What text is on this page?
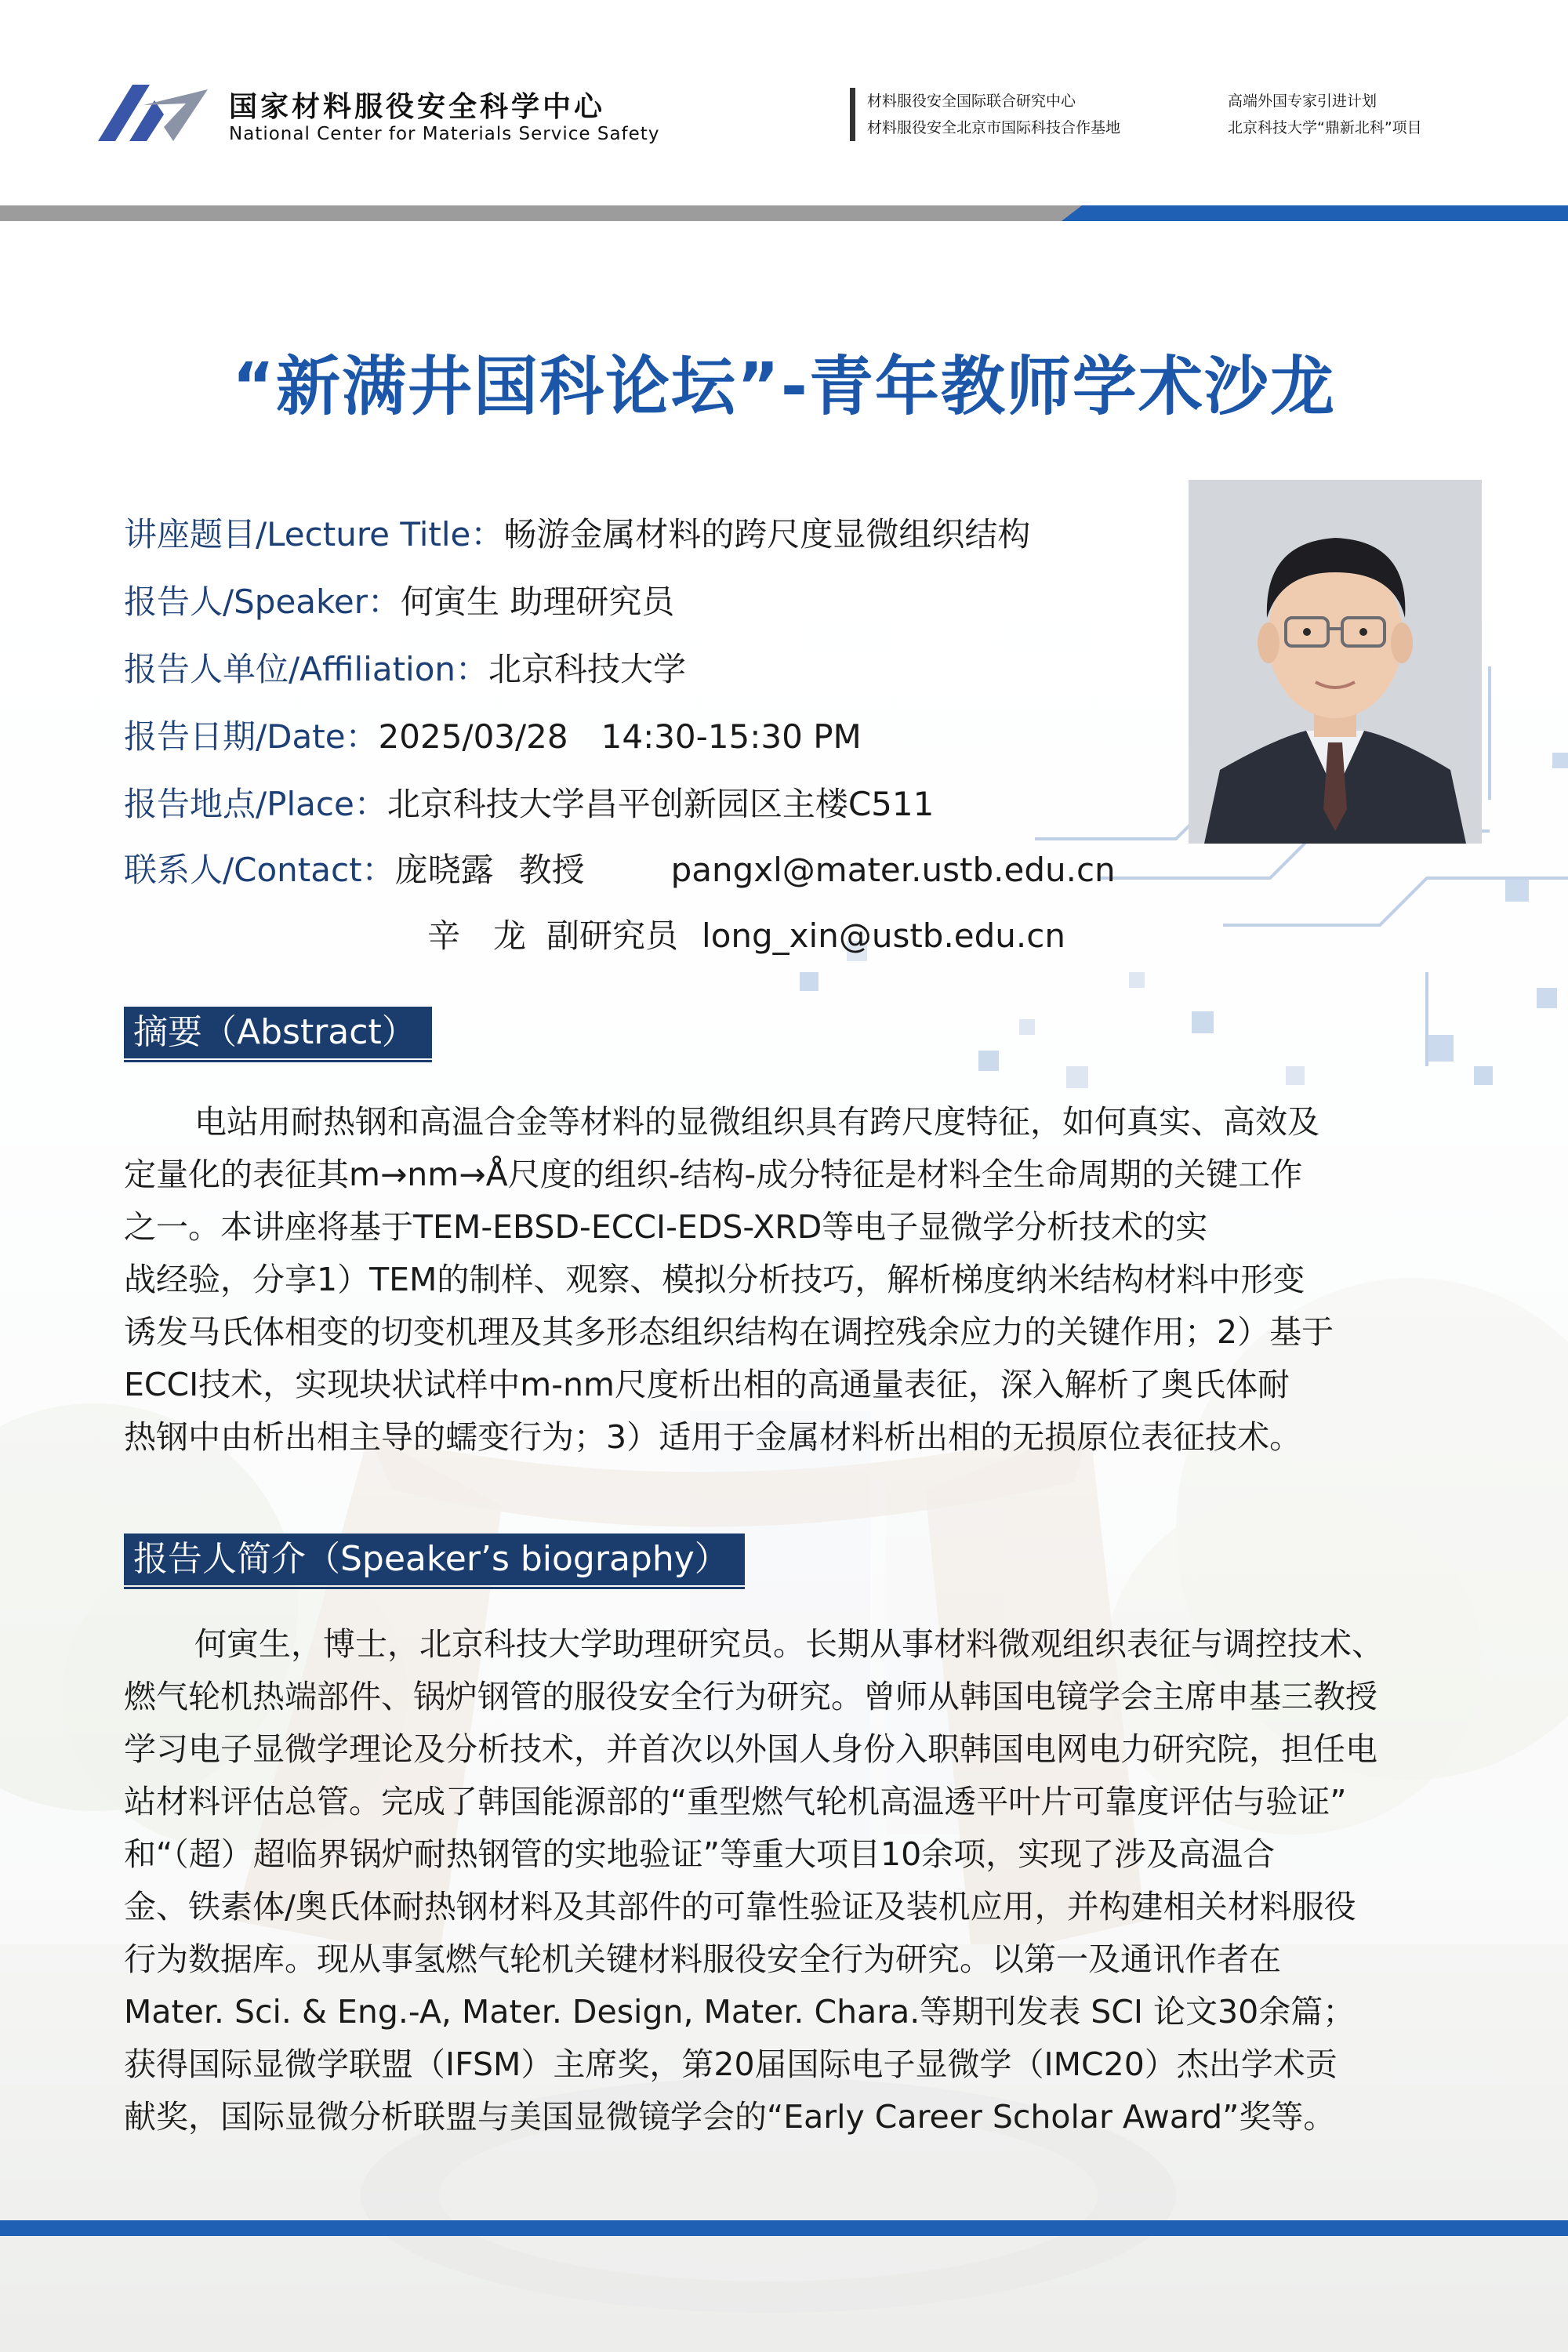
国家材料服役安全科学中心
National Center for Materials Service Safety
材料服役安全国际联合研究中心
材料服役安全北京市国际科技合作基地
高端外国专家引进计划
北京科技大学“鼎新北科”项目
“新满井国科论坛”-青年教师学术沙龙
讲座题目/Lecture Title：畅游金属材料的跨尺度显微组织结构
报告人/Speaker：何寅生 助理研究员
报告人单位/Affiliation：北京科技大学
报告日期/Date：2025/03/28　14:30-15:30 PM
报告地点/Place：北京科技大学昌平创新园区主楼C511
联系人/Contact：庞晓露 教授	pangxl@mater.ustb.edu.cn
辛　龙 副研究员 long_xin@ustb.edu.cn
摘要（Abstract）
电站用耐热钢和高温合金等材料的显微组织具有跨尺度特征，如何真实、高效及
定量化的表征其m→nm→Å尺度的组织-结构-成分特征是材料全生命周期的关键工作
之一。本讲座将基于TEM-EBSD-ECCI-EDS-XRD等电子显微学分析技术的实
战经验，分享1）TEM的制样、观察、模拟分析技巧，解析梯度纳米结构材料中形变
诱发马氏体相变的切变机理及其多形态组织结构在调控残余应力的关键作用；2）基于
ECCI技术，实现块状试样中m-nm尺度析出相的高通量表征，深入解析了奥氏体耐
热钢中由析出相主导的蠕变行为；3）适用于金属材料析出相的无损原位表征技术。
报告人简介（Speaker’s biography）
何寅生，博士，北京科技大学助理研究员。长期从事材料微观组织表征与调控技术、
燃气轮机热端部件、锅炉钢管的服役安全行为研究。曾师从韩国电镜学会主席申基三教授
学习电子显微学理论及分析技术，并首次以外国人身份入职韩国电网电力研究院，担任电
站材料评估总管。完成了韩国能源部的“重型燃气轮机高温透平叶片可靠度评估与验证”
和“（超）超临界锅炉耐热钢管的实地验证”等重大项目10余项，实现了涉及高温合
金、铁素体/奥氏体耐热钢材料及其部件的可靠性验证及装机应用，并构建相关材料服役
行为数据库。现从事氢燃气轮机关键材料服役安全行为研究。以第一及通讯作者在
Mater. Sci. & Eng.-A, Mater. Design, Mater. Chara.等期刊发表 SCI 论文30余篇；
获得国际显微学联盟（IFSM）主席奖，第20届国际电子显微学（IMC20）杰出学术贡
献奖，国际显微分析联盟与美国显微镜学会的“Early Career Scholar Award”奖等。
